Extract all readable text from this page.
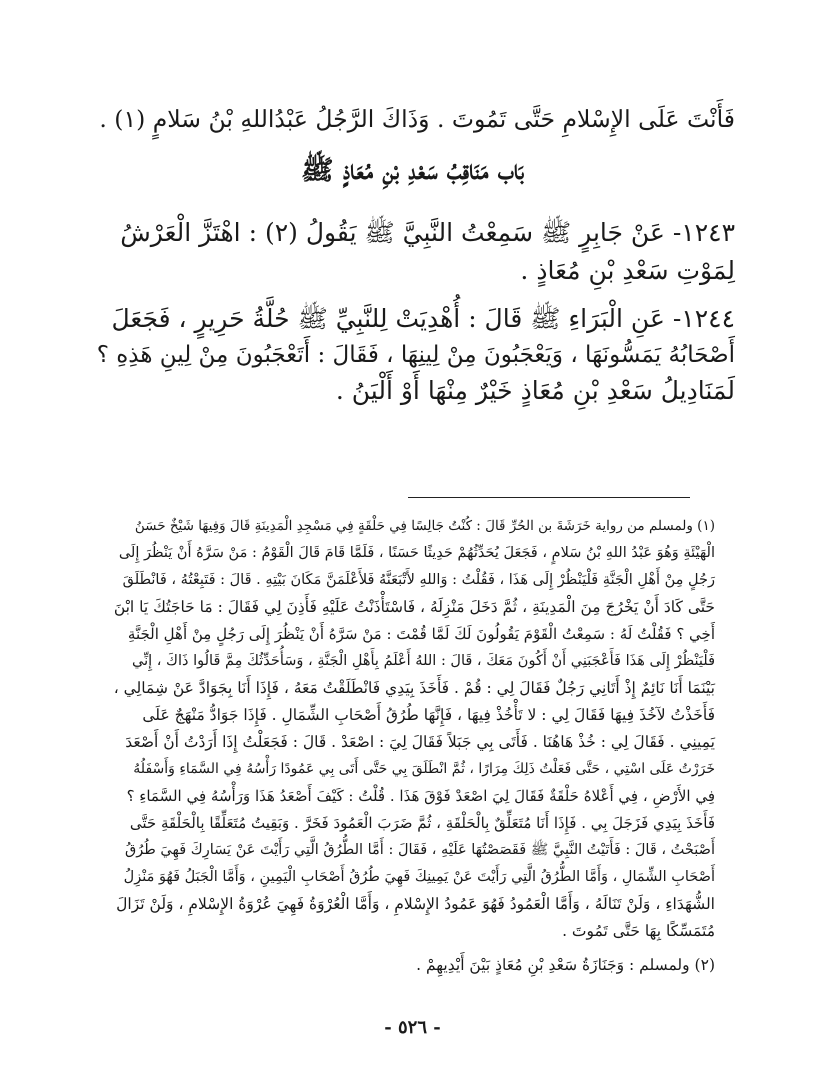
فَأَنْتَ عَلَى الإِسْلامِ حَتَّى تَمُوتَ . وَذَاكَ الرَّجُلُ عَبْدُاللهِ بْنُ سَلامٍ (١) .
بَاب مَنَاقِبُ سَعْدِ بْنِ مُعَاذٍ ﷺ
١٢٤٣- عَنْ جَابِرٍ ﷺ سَمِعْتُ النَّبِيَّ ﷺ يَقُولُ (٢) : اهْتَزَّ الْعَرْشُ
لِمَوْتِ سَعْدِ بْنِ مُعَاذٍ .
١٢٤٤- عَنِ الْبَرَاءِ ﷺ قَالَ : أُهْدِيَتْ لِلنَّبِيِّ ﷺ حُلَّةُ حَرِيرٍ ، فَجَعَلَ
أَصْحَابُهُ يَمَسُّونَهَا ، وَيَعْجَبُونَ مِنْ لِينِهَا ، فَقَالَ : أَتَعْجَبُونَ مِنْ لِينِ هَذِهِ ؟
لَمَنَادِيلُ سَعْدِ بْنِ مُعَاذٍ خَيْرٌ مِنْهَا أَوْ أَلْيَنُ .
(١) ولمسلم من رواية خَرَشَةَ بن الحُرِّ قَالَ : كُنْتُ جَالِسًا فِي حَلْقَةٍ فِي مَسْجِدِ الْمَدِينَةِ قَالَ وَفِيهَا شَيْخٌ حَسَنُ
الْهَيْئَةِ وَهُوَ عَبْدُ اللهِ بْنُ سَلامٍ ، فَجَعَلَ يُحَدِّثُهُمْ حَدِيثًا حَسَنًا ، فَلَمَّا قَامَ قَالَ الْقَوْمُ : مَنْ سَرَّهُ أَنْ يَنْظُرَ إِلَى
رَجُلٍ مِنْ أَهْلِ الْجَنَّةِ فَلْيَنْظُرْ إِلَى هَذَا ، فَقُلْتُ : وَاللهِ لأَتْبَعَنَّهُ فَلأَعْلَمَنَّ مَكَانَ بَيْتِهِ . قَالَ : فَتَبِعْتُهُ ، فَانْطَلَقَ
حَتَّى كَادَ أَنْ يَخْرُجَ مِنَ الْمَدِينَةِ ، ثُمَّ دَخَلَ مَنْزِلَهُ ، فَاسْتَأْذَنْتُ عَلَيْهِ فَأَذِنَ لِي فَقَالَ : مَا حَاجَتُكَ يَا ابْنَ
أَخِي ؟ فَقُلْتُ لَهُ : سَمِعْتُ الْقَوْمَ يَقُولُونَ لَكَ لَمَّا قُمْتَ : مَنْ سَرَّهُ أَنْ يَنْظُرَ إِلَى رَجُلٍ مِنْ أَهْلِ الْجَنَّةِ
فَلْيَنْظُرْ إِلَى هَذَا فَأَعْجَبَنِي أَنْ أَكُونَ مَعَكَ ، قَالَ : اللهُ أَعْلَمُ بِأَهْلِ الْجَنَّةِ ، وَسَأُحَدِّثُكَ مِمَّ قَالُوا ذَاكَ ، إِنِّي
بَيْنَمَا أَنَا نَائِمٌ إِذْ أَتَانِي رَجُلٌ فَقَالَ لِي : قُمْ . فَأَخَذَ بِيَدِي فَانْطَلَقْتُ مَعَهُ ، فَإِذَا أَنَا بِجَوَادَّ عَنْ شِمَالِي ،
فَأَخَذْتُ لآخُذَ فِيهَا فَقَالَ لِي : لا تَأْخُذْ فِيهَا ، فَإِنَّهَا طُرُقُ أَصْحَابِ الشِّمَالِ . فَإِذَا جَوَادُّ مَنْهَجٌ عَلَى
يَمِينِي . فَقَالَ لِي : خُذْ هَاهُنَا . فَأَتَى بِي جَبَلاً فَقَالَ لِيَ : اصْعَدْ . قَالَ : فَجَعَلْتُ إِذَا أَرَدْتُ أَنْ أَصْعَدَ
خَرَرْتُ عَلَى اسْتِي ، حَتَّى فَعَلْتُ ذَلِكَ مِرَارًا ، ثُمَّ انْطَلَقَ بِي حَتَّى أَتَى بِي عَمُودًا رَأْسُهُ فِي السَّمَاءِ وَأَسْفَلُهُ
فِي الأَرْضِ ، فِي أَعْلاهُ حَلْقَةٌ فَقَالَ لِيَ اصْعَدْ فَوْقَ هَذَا . قُلْتُ : كَيْفَ أَصْعَدُ هَذَا وَرَأْسُهُ فِي السَّمَاءِ ؟
فَأَخَذَ بِيَدِي فَزَجَلَ بِي . فَإِذَا أَنَا مُتَعَلِّقٌ بِالْحَلْقَةِ ، ثُمَّ ضَرَبَ الْعَمُودَ فَخَرَّ . وَبَقِيتُ مُتَعَلِّقًا بِالْحَلْقَةِ حَتَّى
أَصْبَحْتُ ، قَالَ : فَأَتَيْتُ النَّبِيَّ ﷺ فَقَصَصْتُهَا عَلَيْهِ ، فَقَالَ : أَمَّا الطُّرُقُ الَّتِي رَأَيْتَ عَنْ يَسَارِكَ فَهِيَ طُرُقُ
أَصْحَابِ الشِّمَالِ ، وَأَمَّا الطُّرُقُ الَّتِي رَأَيْتَ عَنْ يَمِينِكَ فَهِيَ طُرُقُ أَصْحَابِ الْيَمِينِ ، وَأَمَّا الْجَبَلُ فَهُوَ مَنْزِلُ
الشُّهَدَاءِ ، وَلَنْ تَنَالَهُ ، وَأَمَّا الْعَمُودُ فَهُوَ عَمُودُ الإِسْلامِ ، وَأَمَّا الْعُرْوَةُ فَهِيَ عُرْوَةُ الإِسْلامِ ، وَلَنْ تَزَالَ
مُتَمَسِّكًا بِهَا حَتَّى تَمُوتَ .
(٢) ولمسلم : وَجَنَازَةُ سَعْدِ بْنِ مُعَاذٍ بَيْنَ أَيْدِيهِمْ .
- ٥٢٦ -
